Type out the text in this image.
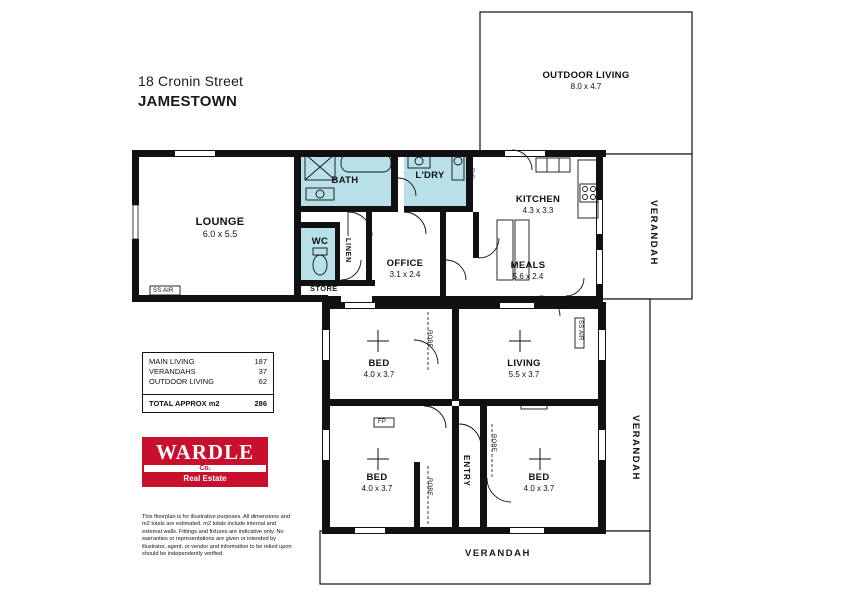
18 Cronin Street
JAMESTOWN
OUTDOOR LIVING
8.0 x 4.7
LOUNGE
6.0 x 5.5
BATH	L'DRY
KITCHEN
4.3 x 3.3
WC	LINEN
OFFICE
3.1 x 2.4
MEALS
5.6 x 2.4
STORE
BED
4.0 x 3.7
LIVING
5.5 x 3.7
BED
4.0 x 3.7
BED
4.0 x 3.7
ENTRY
VERANDAH
VERANDAH
VERANDAH
ROBE
ROBE
ROBE
FP
FP
SS AIR
SS AIR
R/C
MAIN LIVING	187
VERANDAHS	37
OUTDOOR LIVING	62
TOTAL APPROX m2	286
WARDLE
Co.
Real Estate
This floorplan is for illustrative purposes. All dimensions and m2 totals are estimated. m2 totals include internal and external walls. Fittings and fixtures are indicative only. No warranties or representations are given or intended by illustrator, agent, or vendor and information to be relied upon should be independently verified.
